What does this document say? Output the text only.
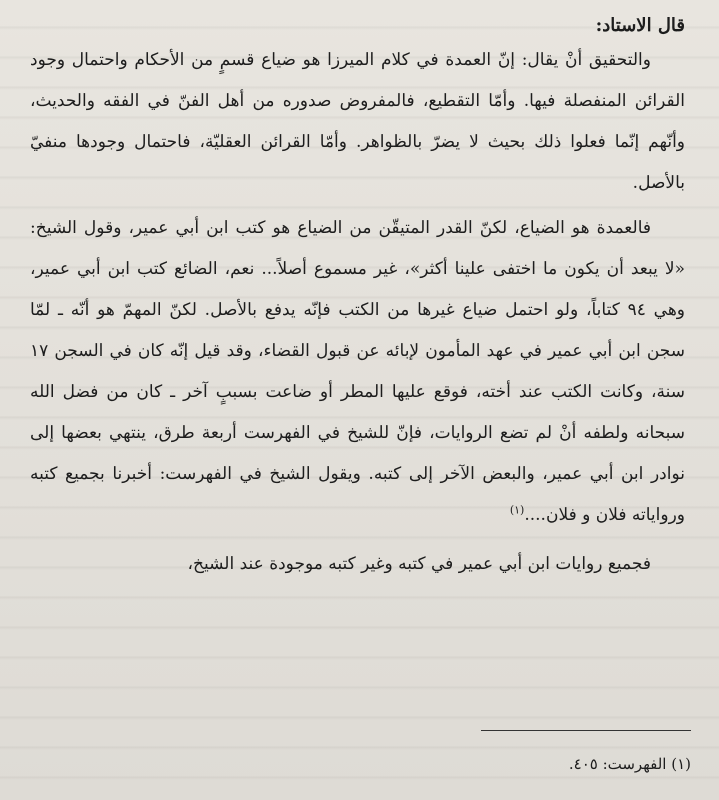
قال الاستاد:

والتحقيق أنْ يقال: إنّ العمدة في كلام الميرزا هو ضياع قسمٍ من الأحكام واحتمال وجود القرائن المنفصلة فيها. وأمّا التقطيع، فالمفروض صدوره من أهل الفنّ في الفقه والحديث، وأنّهم إنّما فعلوا ذلك بحيث لا يضرّ بالظواهر. وأمّا القرائن العقليّة، فاحتمال وجودها منفيّ بالأصل.

فالعمدة هو الضياع، لكنّ القدر المتيقّن من الضياع هو كتب ابن أبي عمير، وقول الشيخ: «لا يبعد أن يكون ما اختفى علينا أكثر»، غير مسموع أصلاً... نعم، الضائع كتب ابن أبي عمير، وهي ٩٤ كتاباً، ولو احتمل ضياع غيرها من الكتب فإنّه يدفع بالأصل. لكنّ المهمّ هو أنّه ـ لمّا سجن ابن أبي عمير في عهد المأمون لإبائه عن قبول القضاء، وقد قيل إنّه كان في السجن ١٧ سنة، وكانت الكتب عند أخته، فوقع عليها المطر أو ضاعت بسببٍ آخر ـ كان من فضل الله سبحانه ولطفه أنْ لم تضع الروايات، فإنّ للشيخ في الفهرست أربعة طرق، ينتهي بعضها إلى نوادر ابن أبي عمير، والبعض الآخر إلى كتبه. ويقول الشيخ في الفهرست: أخبرنا بجميع كتبه ورواياته فلان و فلان....$^{(١)}$

فجميع روايات ابن أبي عمير في كتبه وغير كتبه موجودة عند الشيخ،

(١) الفهرست: ٤٠٥.
